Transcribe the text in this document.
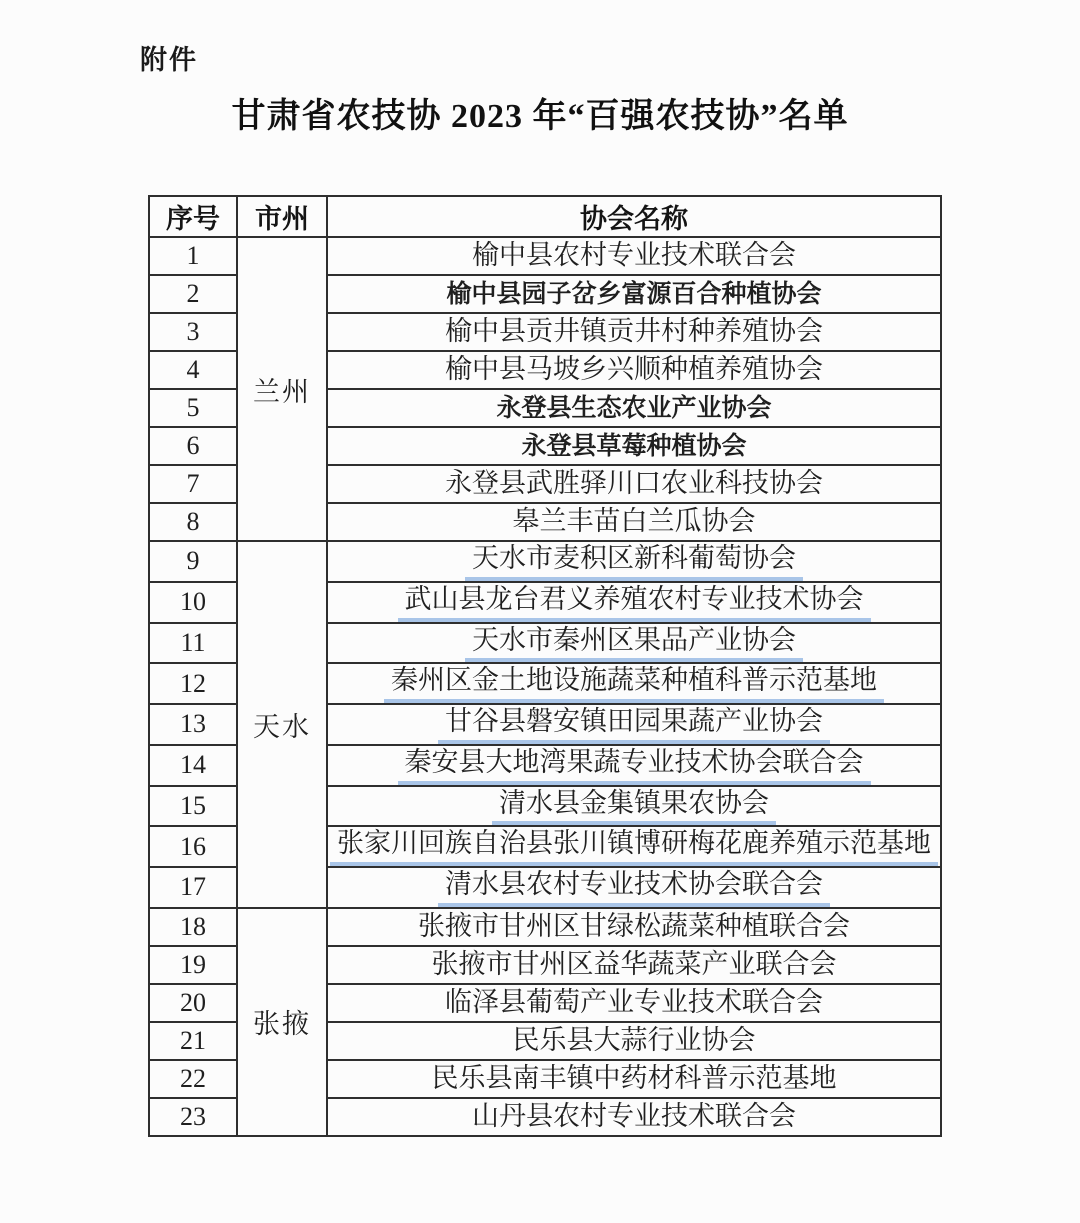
附件
甘肃省农技协 2023 年“百强农技协”名单
序号	市州	协会名称
1	兰州	榆中县农村专业技术联合会
2		榆中县园子岔乡富源百合种植协会
3		榆中县贡井镇贡井村种养殖协会
4		榆中县马坡乡兴顺种植养殖协会
5		永登县生态农业产业协会
6		永登县草莓种植协会
7		永登县武胜驿川口农业科技协会
8		皋兰丰苗白兰瓜协会
9	天水	天水市麦积区新科葡萄协会
10		武山县龙台君义养殖农村专业技术协会
11		天水市秦州区果品产业协会
12		秦州区金土地设施蔬菜种植科普示范基地
13		甘谷县磐安镇田园果蔬产业协会
14		秦安县大地湾果蔬专业技术协会联合会
15		清水县金集镇果农协会
16		张家川回族自治县张川镇博研梅花鹿养殖示范基地
17		清水县农村专业技术协会联合会
18	张掖	张掖市甘州区甘绿松蔬菜种植联合会
19		张掖市甘州区益华蔬菜产业联合会
20		临泽县葡萄产业专业技术联合会
21		民乐县大蒜行业协会
22		民乐县南丰镇中药材科普示范基地
23		山丹县农村专业技术联合会
